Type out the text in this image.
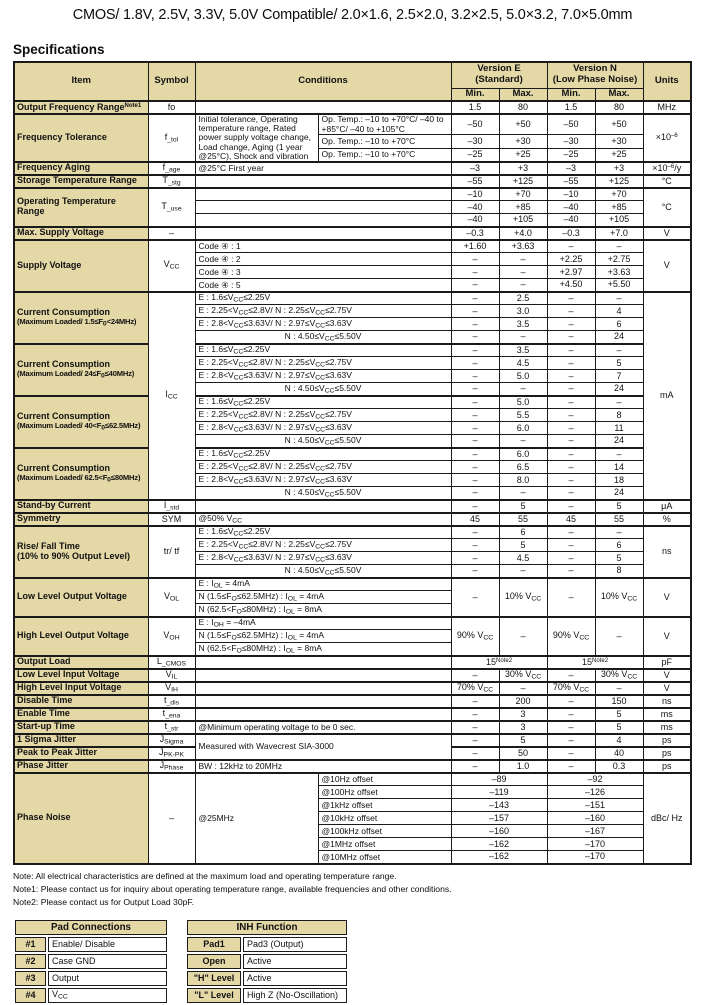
CMOS/ 1.8V, 2.5V, 3.3V, 5.0V Compatible/ 2.0×1.6, 2.5×2.0, 3.2×2.5, 5.0×3.2, 7.0×5.0mm
Specifications
Item	Symbol	Conditions		Version E
(Standard)		Version N
(Low Phase Noise)		Units
				Min.	Max.	Min.	Max.	
Output Frequency Range$^{Note1}$	fo			1.5	80	1.5	80	MHz
Frequency Tolerance	$f_{\_tol}$	Initial tolerance, Operating temperature range, Rated power supply voltage change, Load change, Aging (1 year @25°C), Shock and vibration	Op. Temp.: –10 to +70°C/ –40 to +85°C/ –40 to +105°C	–50	+50	–50	+50	$\times 10^{-6}$
			Op. Temp.: –10 to +70°C	–30	+30	–30	+30	
			Op. Temp.: –10 to +70°C	–25	+25	–25	+25	
Frequency Aging	$f_{\_age}$	@25°C First year		–3	+3	–3	+3	$\times 10^{-6}/y$
Storage Temperature Range	$T_{\_stg}$			–55	+125	–55	+125	°C
Operating Temperature Range	$T_{\_use}$			–10	+70	–10	+70	°C
				–40	+85	–40	+85	
				–40	+105	–40	+105	
Max. Supply Voltage	–			–0.3	+4.0	–0.3	+7.0	V
Supply Voltage	$V_{CC}$	Code ④ : 1		+1.60	+3.63	–	–	V
		Code ④ : 2		–	–	+2.25	+2.75	
		Code ④ : 3		–	–	+2.97	+3.63	
		Code ④ : 5		–	–	+4.50	+5.50	
Current Consumption
(Maximum Loaded/ $1.5\le F_0<24MHz$)	$I_{CC}$	E : $1.6\le V_{CC}\le 2.25V$		–	2.5	–	–	mA
		E : $2.25<V_{CC}\le 2.8V/$ N : $2.25\le V_{CC}\le 2.75V$		–	3.0	–	4	
		E : $2.8<V_{CC}\le 3.63V/$ N : $2.97\le V_{CC}\le 3.63V$		–	3.5	–	6	
		N : $4.50\le V_{CC}\le 5.50V$		–	–	–	24	
Current Consumption
(Maximum Loaded/ $24\le F_0\le 40MHz$)		E : $1.6\le V_{CC}\le 2.25V$		–	3.5	–	–	
		E : $2.25<V_{CC}\le 2.8V/$ N : $2.25\le V_{CC}\le 2.75V$		–	4.5	–	5	
		E : $2.8<V_{CC}\le 3.63V/$ N : $2.97\le V_{CC}\le 3.63V$		–	5.0	–	7	
		N : $4.50\le V_{CC}\le 5.50V$		–	–	–	24	
Current Consumption
(Maximum Loaded/ $40<F_0\le 62.5MHz$)		E : $1.6\le V_{CC}\le 2.25V$		–	5.0	–	–	
		E : $2.25<V_{CC}\le 2.8V/$ N : $2.25\le V_{CC}\le 2.75V$		–	5.5	–	8	
		E : $2.8<V_{CC}\le 3.63V/$ N : $2.97\le V_{CC}\le 3.63V$		–	6.0	–	11	
		N : $4.50\le V_{CC}\le 5.50V$		–	–	–	24	
Current Consumption
(Maximum Loaded/ $62.5<F_0\le 80MHz$)		E : $1.6\le V_{CC}\le 2.25V$		–	6.0	–	–	
		E : $2.25<V_{CC}\le 2.8V/$ N : $2.25\le V_{CC}\le 2.75V$		–	6.5	–	14	
		E : $2.8<V_{CC}\le 3.63V/$ N : $2.97\le V_{CC}\le 3.63V$		–	8.0	–	18	
		N : $4.50\le V_{CC}\le 5.50V$		–	–	–	24	
Stand-by Current	$I_{\_std}$			–	5	–	5	μA
Symmetry	SYM	@50% $V_{CC}$		45	55	45	55	%
Rise/ Fall Time
(10% to 90% Output Level)	tr/ tf	E : $1.6\le V_{CC}\le 2.25V$		–	6	–	–	ns
		E : $2.25<V_{CC}\le 2.8V/$ N : $2.25\le V_{CC}\le 2.75V$		–	5	–	6	
		E : $2.8<V_{CC}\le 3.63V/$ N : $2.97\le V_{CC}\le 3.63V$		–	4.5	–	5	
		N : $4.50\le V_{CC}\le 5.50V$		–	–	–	8	
Low Level Output Voltage	$V_{OL}$	E : $I_{OL} = 4mA$		–	10% $V_{CC}$	–	10% $V_{CC}$	V
		N $(1.5\le F_O\le 62.5MHz)$ : $I_{OL} = 4mA$						
		N $(62.5<F_O\le 80MHz)$ : $I_{OL} = 8mA$						
High Level Output Voltage	$V_{OH}$	E : $I_{OH} = -4mA$		90% $V_{CC}$	–	90% $V_{CC}$	–	V
		N $(1.5\le F_O\le 62.5MHz)$ : $I_{OL} = 4mA$						
		N $(62.5<F_O\le 80MHz)$ : $I_{OL} = 8mA$						
Output Load	$L_{\_CMOS}$			$15^{Note2}$		$15^{Note2}$		pF
Low Level Input Voltage	$V_{IL}$			–	30% $V_{CC}$	–	30% $V_{CC}$	V
High Level Input Voltage	$V_{IH}$			70% $V_{CC}$	–	70% $V_{CC}$	–	V
Disable Time	$t_{\_dis}$			–	200	–	150	ns
Enable Time	$t_{\_ena}$			–	3	–	5	ms
Start-up Time	$t_{\_str}$	@Minimum operating voltage to be 0 sec.		–	3	–	5	ms
1 Sigma Jitter	$J_{Sigma}$	Measured with Wavecrest SIA-3000		–	5	–	4	ps
Peak to Peak Jitter	$J_{PK-PK}$			–	50	–	40	ps
Phase Jitter	$J_{Phase}$	BW : 12kHz to 20MHz		–	1.0	–	0.3	ps
Phase Noise	–	@25MHz	@10Hz offset	–89		–92		dBc/ Hz
			@100Hz offset	–119		–126		
			@1kHz offset	–143		–151		
			@10kHz offset	–157		–160		
			@100kHz offset	–160		–167		
			@1MHz offset	–162		–170		
			@10MHz offset	–162		–170		
Note: All electrical characteristics are defined at the maximum load and operating temperature range.
Note1: Please contact us for inquiry about operating temperature range, available frequencies and other conditions.
Note2: Please contact us for Output Load 30pF.
Pad Connections	
#1	Enable/ Disable
#2	Case GND
#3	Output
#4	$V_{CC}$
INH Function	
Pad1	Pad3 (Output)
Open	Active
"H" Level	Active
"L" Level	High Z (No-Oscillation)
